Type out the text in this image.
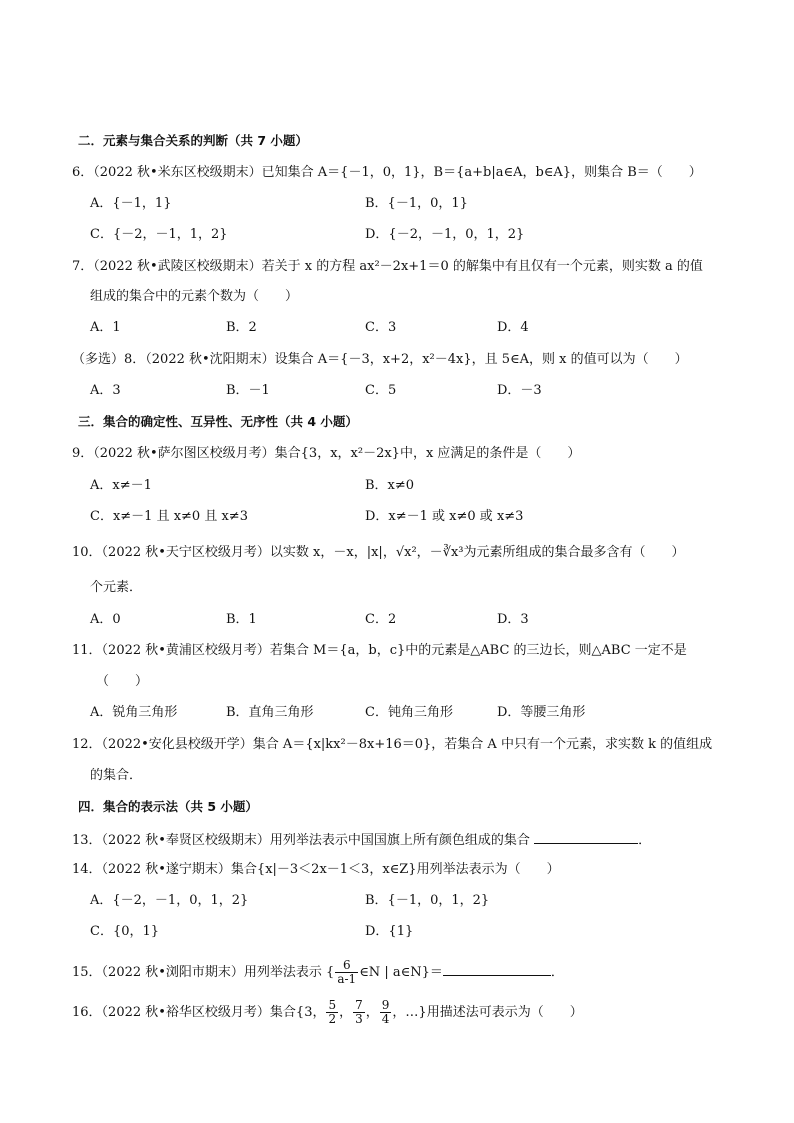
二．元素与集合关系的判断（共 7 小题）
6．（2022 秋•米东区校级期末）已知集合 A＝{－1，0，1}，B＝{a+b|a∈A，b∈A}，则集合 B＝（　　）
A．{－1，1}	B．{－1，0，1}
C．{－2，－1，1，2}	D．{－2，－1，0，1，2}
7．（2022 秋•武陵区校级期末）若关于 x 的方程 ax²－2x+1＝0 的解集中有且仅有一个元素，则实数 a 的值
组成的集合中的元素个数为（　　）
A．1	B．2	C．3	D．4
（多选）8．（2022 秋•沈阳期末）设集合 A＝{－3，x+2，x²－4x}，且 5∈A，则 x 的值可以为（　　）
A．3	B．－1	C．5	D．－3
三．集合的确定性、互异性、无序性（共 4 小题）
9．（2022 秋•萨尔图区校级月考）集合{3，x，x²－2x}中，x 应满足的条件是（　　）
A．x≠－1	B．x≠0
C．x≠－1 且 x≠0 且 x≠3	D．x≠－1 或 x≠0 或 x≠3
10．（2022 秋•天宁区校级月考）以实数 x，－x，|x|，√x²，－∛x³为元素所组成的集合最多含有（　　）
个元素．
A．0	B．1	C．2	D．3
11．（2022 秋•黄浦区校级月考）若集合 M＝{a，b，c}中的元素是△ABC 的三边长，则△ABC 一定不是
（　　）
A．锐角三角形	B．直角三角形	C．钝角三角形	D．等腰三角形
12．（2022•安化县校级开学）集合 A＝{x|kx²－8x+16＝0}，若集合 A 中只有一个元素，求实数 k 的值组成
的集合．
四．集合的表示法（共 5 小题）
13．（2022 秋•奉贤区校级期末）用列举法表示中国国旗上所有颜色组成的集合	．
14．（2022 秋•遂宁期末）集合{x|－3＜2x－1＜3，x∈Z}用列举法表示为（　　）
A．{－2，－1，0，1，2}	B．{－1，0，1，2}
C．{0，1}	D．{1}
15．（2022 秋•浏阳市期末）用列举法表示 { $\frac{6}{a-1}$ ∈N | a∈N}＝	．
16．（2022 秋•裕华区校级月考）集合{3， $\frac{5}{2}$ ， $\frac{7}{3}$ ， $\frac{9}{4}$ ，…}用描述法可表示为（　　）
